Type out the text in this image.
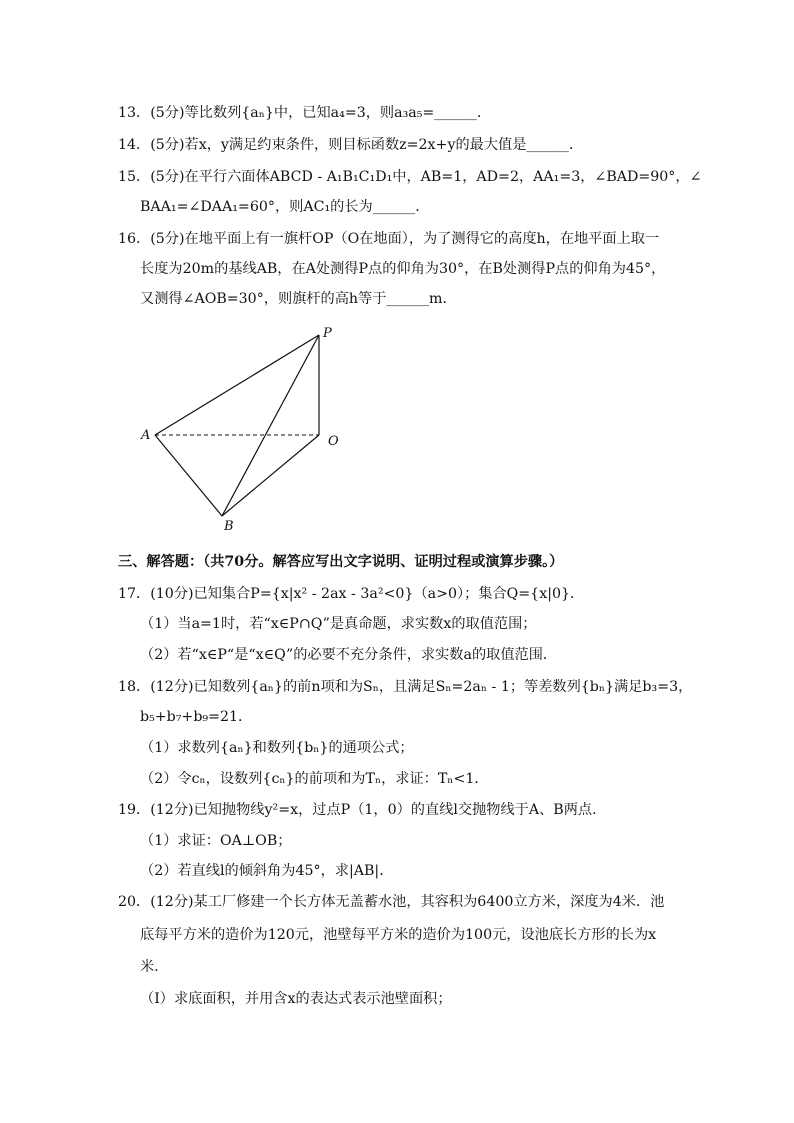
13．(5分)等比数列{aₙ}中，已知a₄=3，则a₃a₅=______．
14．(5分)若x，y满足约束条件，则目标函数z=2x+y的最大值是______．
15．(5分)在平行六面体ABCD - A₁B₁C₁D₁中，AB=1，AD=2，AA₁=3，∠BAD=90°，∠
BAA₁=∠DAA₁=60°，则AC₁的长为______．
16．(5分)在地平面上有一旗杆OP（O在地面），为了测得它的高度h，在地平面上取一
长度为20m的基线AB，在A处测得P点的仰角为30°，在B处测得P点的仰角为45°，
又测得∠AOB=30°，则旗杆的高h等于______m．
P
A	O
B
三、解答题：（共70分。解答应写出文字说明、证明过程或演算步骤。）
17．(10分)已知集合P={x|x² - 2ax - 3a²<0}（a>0）；集合Q={x|0}．
（1）当a=1时，若“x∈P∩Q”是真命题，求实数x的取值范围；
（2）若“x∈P“是“x∈Q”的必要不充分条件，求实数a的取值范围．
18．(12分)已知数列{aₙ}的前n项和为Sₙ，且满足Sₙ=2aₙ - 1；等差数列{bₙ}满足b₃=3，
b₅+b₇+b₉=21．
（1）求数列{aₙ}和数列{bₙ}的通项公式；
（2）令cₙ，设数列{cₙ}的前项和为Tₙ，求证：Tₙ<1．
19．(12分)已知抛物线y²=x，过点P（1，0）的直线l交抛物线于A、B两点．
（1）求证：OA⊥OB；
（2）若直线l的倾斜角为45°，求|AB|．
20．(12分)某工厂修建一个长方体无盖蓄水池，其容积为6400立方米，深度为4米．池
底每平方米的造价为120元，池壁每平方米的造价为100元，设池底长方形的长为x
米．
（Ⅰ）求底面积，并用含x的表达式表示池壁面积；
